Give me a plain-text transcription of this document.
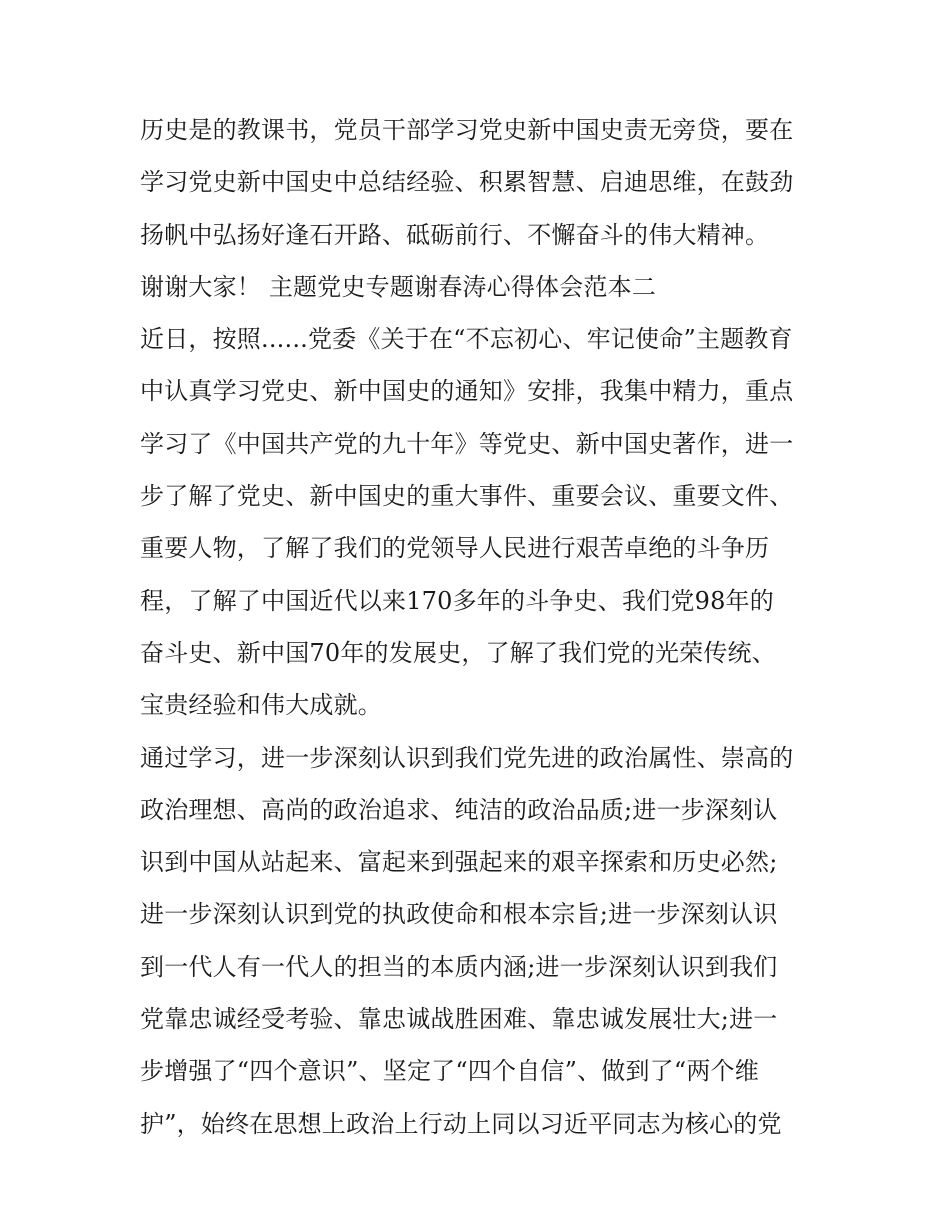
历史是的教课书，党员干部学习党史新中国史责无旁贷，要在
学习党史新中国史中总结经验、积累智慧、启迪思维，在鼓劲
扬帆中弘扬好逢石开路、砥砺前行、不懈奋斗的伟大精神。
谢谢大家！ 主题党史专题谢春涛心得体会范本二
近日，按照......党委《关于在“不忘初心、牢记使命”主题教育
中认真学习党史、新中国史的通知》安排，我集中精力，重点
学习了《中国共产党的九十年》等党史、新中国史著作，进一
步了解了党史、新中国史的重大事件、重要会议、重要文件、
重要人物，了解了我们的党领导人民进行艰苦卓绝的斗争历
程，了解了中国近代以来170多年的斗争史、我们党98年的
奋斗史、新中国70年的发展史，了解了我们党的光荣传统、
宝贵经验和伟大成就。
通过学习，进一步深刻认识到我们党先进的政治属性、崇高的
政治理想、高尚的政治追求、纯洁的政治品质;进一步深刻认
识到中国从站起来、富起来到强起来的艰辛探索和历史必然;
进一步深刻认识到党的执政使命和根本宗旨;进一步深刻认识
到一代人有一代人的担当的本质内涵;进一步深刻认识到我们
党靠忠诚经受考验、靠忠诚战胜困难、靠忠诚发展壮大;进一
步增强了“四个意识”、坚定了“四个自信”、做到了“两个维
护”，始终在思想上政治上行动上同以习近平同志为核心的党
